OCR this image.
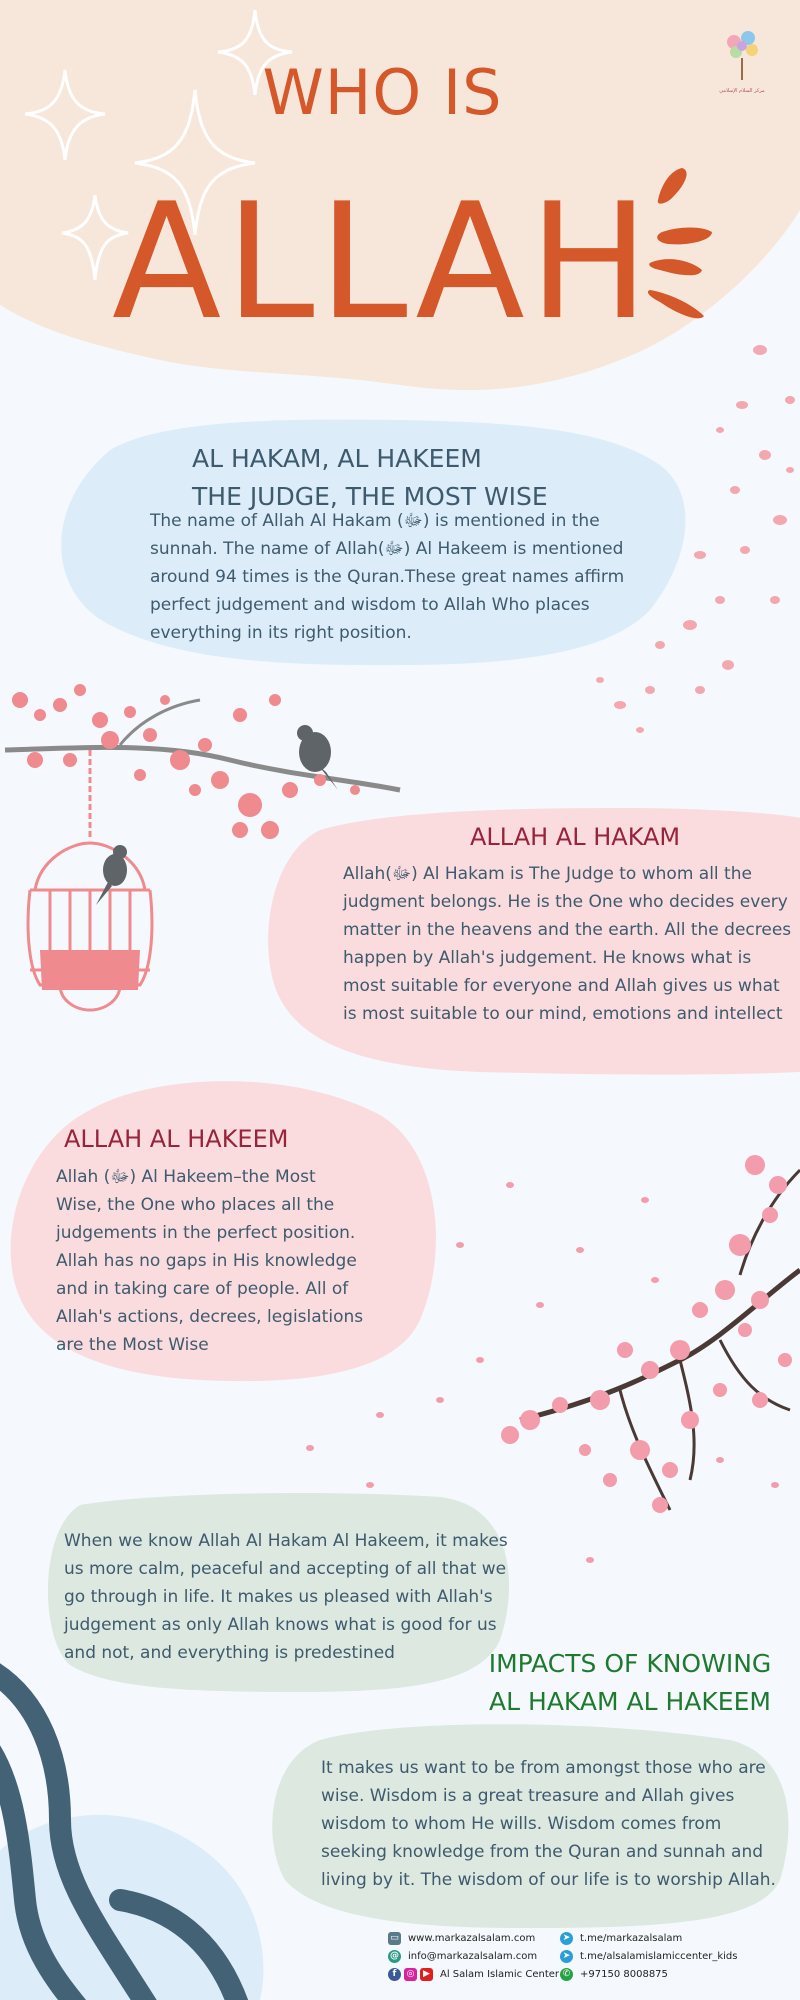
WHO IS
ALLAH
مركز السلام الإسلامي
AL HAKAM, AL HAKEEM
THE JUDGE, THE MOST WISE
The name of Allah Al Hakam (ﷻ) is mentioned in the sunnah. The name of Allah(ﷻ) Al Hakeem is mentioned around 94 times is the Quran.These great names affirm perfect judgement and wisdom to Allah Who places everything in its right position.
ALLAH AL HAKAM
Allah(ﷻ) Al Hakam is The Judge to whom all the judgment belongs. He is the One who decides every matter in the heavens and the earth. All the decrees happen by Allah's judgement. He knows what is most suitable for everyone and Allah gives us what is most suitable to our mind, emotions and intellect
ALLAH AL HAKEEM
Allah (ﷻ) Al Hakeem–the Most Wise, the One who places all the judgements in the perfect position. Allah has no gaps in His knowledge and in taking care of people. All of Allah's actions, decrees, legislations are the Most Wise
When we know Allah Al Hakam Al Hakeem, it makes us more calm, peaceful and accepting of all that we go through in life. It makes us pleased with Allah's judgement as only Allah knows what is good for us and not, and everything is predestined	IMPACTS OF KNOWING
AL HAKAM AL HAKEEM
It makes us want to be from amongst those who are wise. Wisdom is a great treasure and Allah gives wisdom to whom He wills. Wisdom comes from seeking knowledge from the Quran and sunnah and living by it. The wisdom of our life is to worship Allah.
▭ www.markazalsalam.com
@ info@markazalsalam.com
f	◎ ▶	Al Salam Islamic Center
➤ t.me/markazalsalam
➤ t.me/alsalamislamiccenter_kids
✆ +97150 8008875
